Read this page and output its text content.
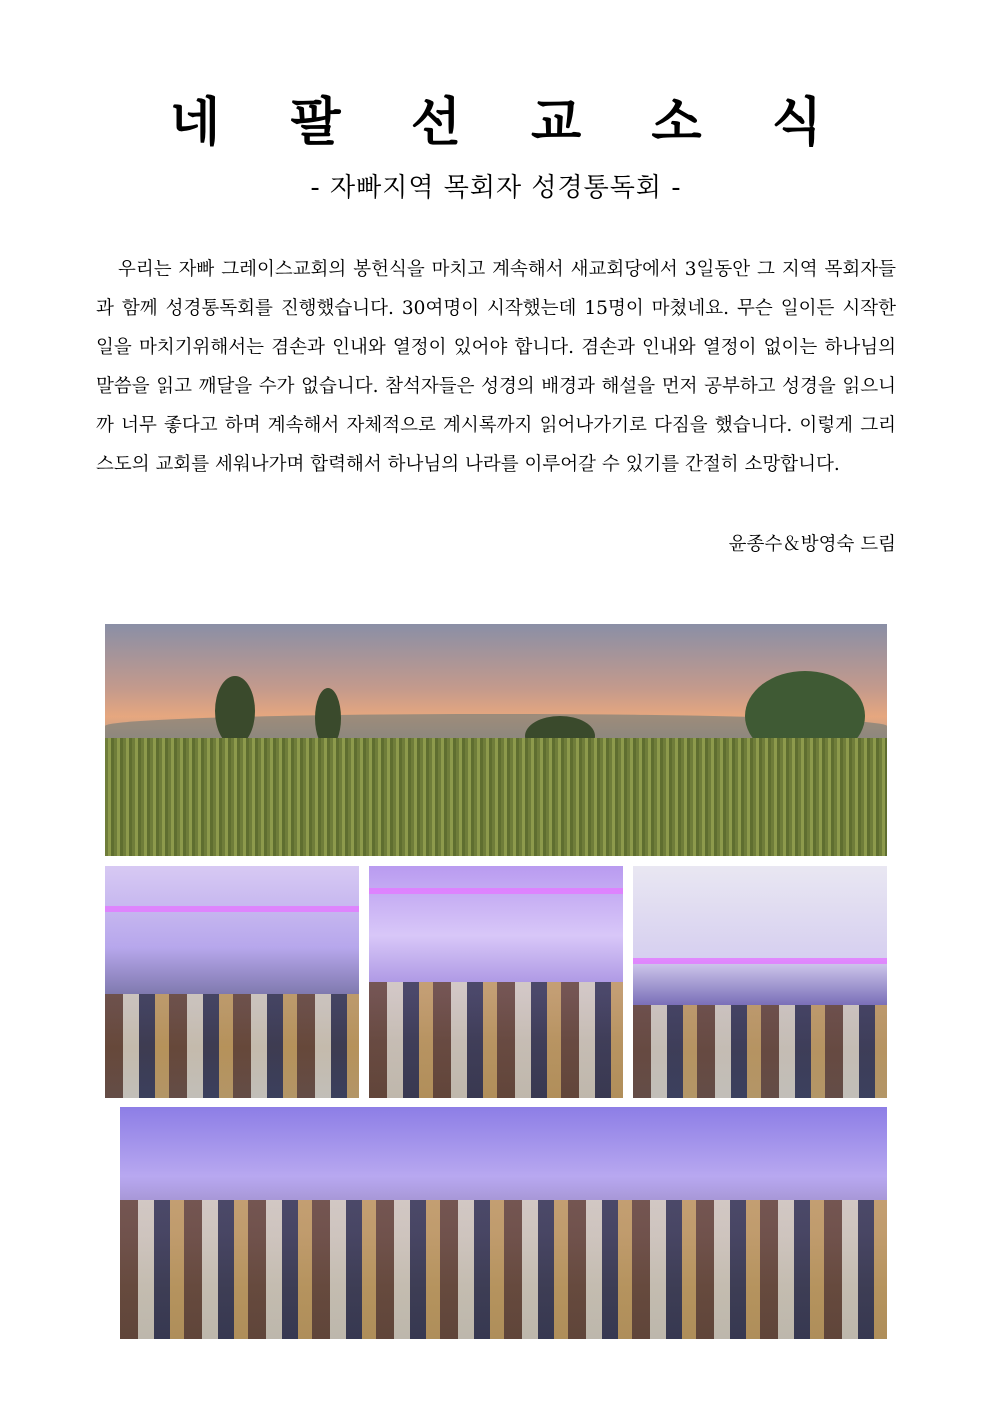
네 팔 선 교 소 식
- 자빠지역 목회자 성경통독회 -
우리는 자빠 그레이스교회의 봉헌식을 마치고 계속해서 새교회당에서 3일동안 그 지역 목회자들과 함께 성경통독회를 진행했습니다. 30여명이 시작했는데 15명이 마쳤네요. 무슨 일이든 시작한 일을 마치기위해서는 겸손과 인내와 열정이 있어야 합니다. 겸손과 인내와 열정이 없이는 하나님의 말씀을 읽고 깨달을 수가 없습니다. 참석자들은 성경의 배경과 해설을 먼저 공부하고 성경을 읽으니까 너무 좋다고 하며 계속해서 자체적으로 계시록까지 읽어나가기로 다짐을 했습니다. 이렇게 그리스도의 교회를 세워나가며 합력해서 하나님의 나라를 이루어갈 수 있기를 간절히 소망합니다.
윤종수＆방영숙 드림
